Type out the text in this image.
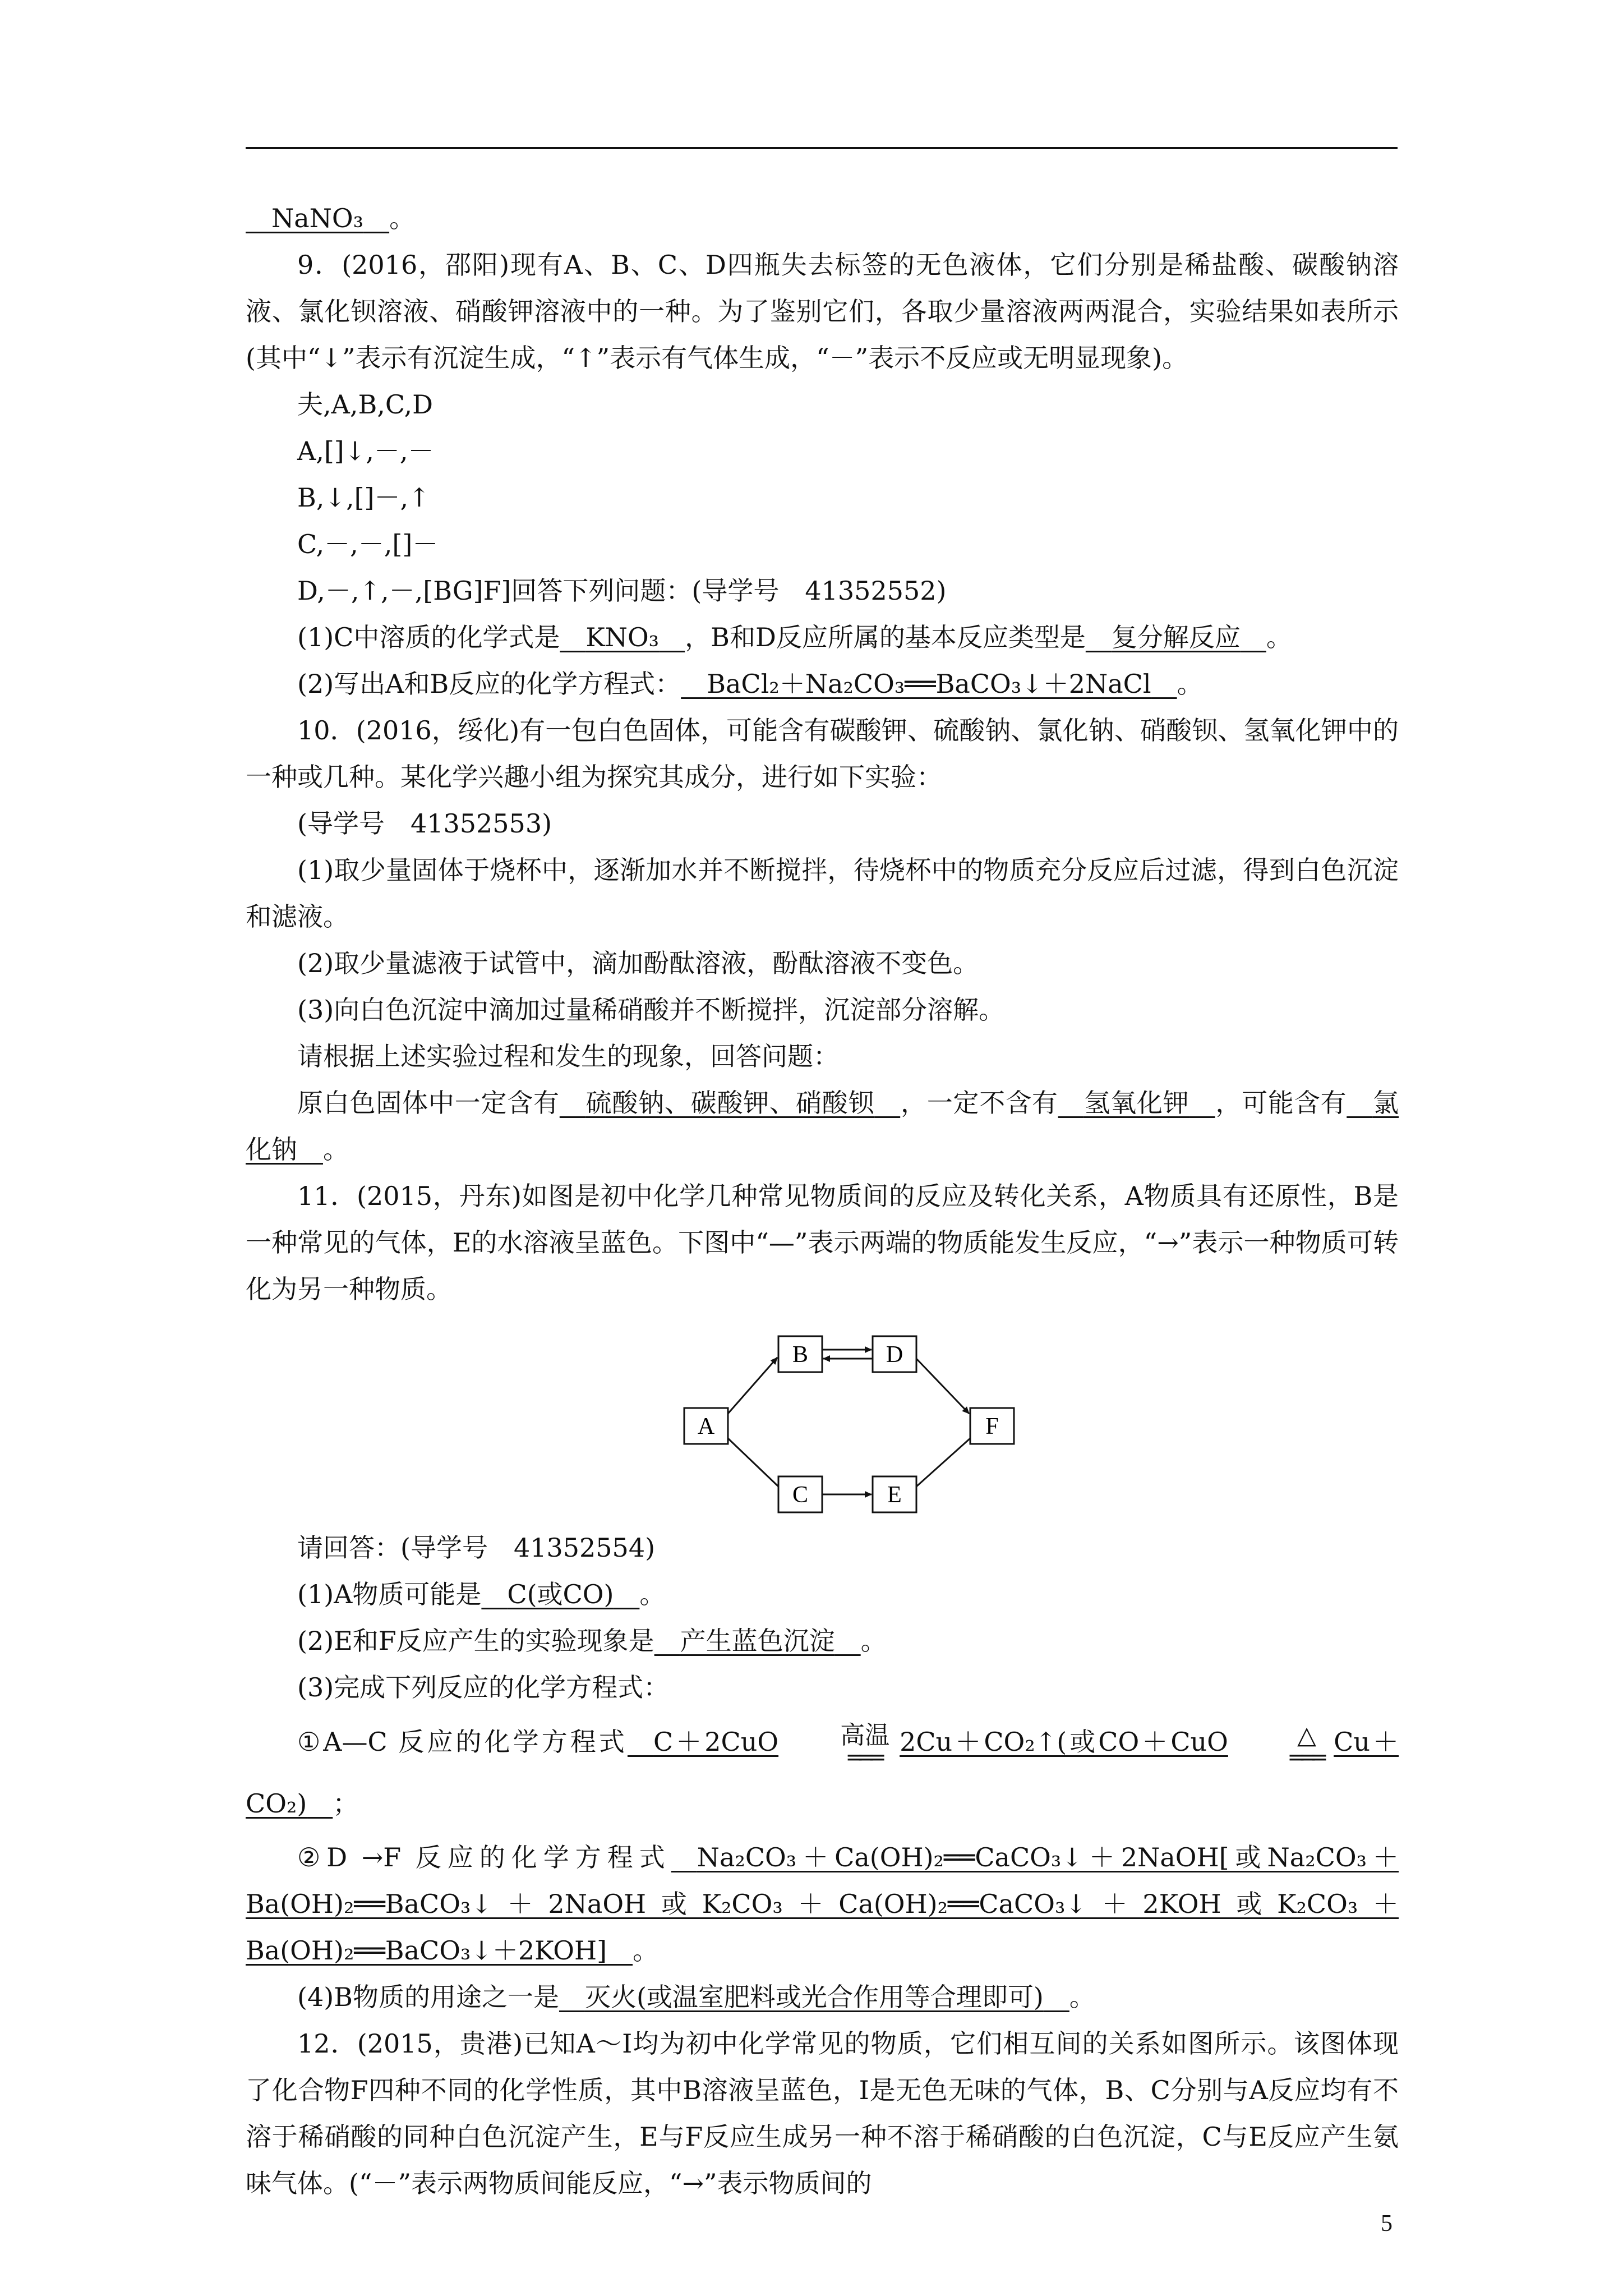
NaNO₃ 。

9．(2016，邵阳)现有A、B、C、D四瓶失去标签的无色液体，它们分别是稀盐酸、碳酸钠溶液、氯化钡溶液、硝酸钾溶液中的一种。为了鉴别它们，各取少量溶液两两混合，实验结果如表所示(其中“↓”表示有沉淀生成，“↑”表示有气体生成，“－”表示不反应或无明显现象)。

夫,A,B,C,D

A,[]↓,－,－

B,↓,[]－,↑

C,－,－,[]－

D,－,↑,－,[BG]F]回答下列问题：(导学号　41352552)

(1)C中溶质的化学式是 KNO₃ ，B和D反应所属的基本反应类型是 复分解反应 。

(2)写出A和B反应的化学方程式： BaCl₂＋Na₂CO₃══BaCO₃↓＋2NaCl 。

10．(2016，绥化)有一包白色固体，可能含有碳酸钾、硫酸钠、氯化钠、硝酸钡、氢氧化钾中的一种或几种。某化学兴趣小组为探究其成分，进行如下实验：

(导学号　41352553)

(1)取少量固体于烧杯中，逐渐加水并不断搅拌，待烧杯中的物质充分反应后过滤，得到白色沉淀和滤液。

(2)取少量滤液于试管中，滴加酚酞溶液，酚酞溶液不变色。

(3)向白色沉淀中滴加过量稀硝酸并不断搅拌，沉淀部分溶解。

请根据上述实验过程和发生的现象，回答问题：

原白色固体中一定含有 硫酸钠、碳酸钾、硝酸钡 ，一定不含有 氢氧化钾 ，可能含有 氯化钠 。

11．(2015，丹东)如图是初中化学几种常见物质间的反应及转化关系，A物质具有还原性，B是一种常见的气体，E的水溶液呈蓝色。下图中“—”表示两端的物质能发生反应，“→”表示一种物质可转化为另一种物质。

A
B
C
D
E
F

请回答：(导学号　41352554)

(1)A物质可能是 C(或CO) 。

(2)E和F反应产生的实验现象是 产生蓝色沉淀 。

(3)完成下列反应的化学方程式：

①A—C 反应的化学方程式 C＋2CuO	高温
═══
2Cu＋CO₂↑(或CO＋CuO	△
═══
Cu＋CO₂) ；

②D →F 反应的化学方程式 Na₂CO₃＋Ca(OH)₂══CaCO₃↓＋2NaOH[或Na₂CO₃＋Ba(OH)₂══BaCO₃↓＋2NaOH或K₂CO₃＋Ca(OH)₂══CaCO₃↓＋2KOH或K₂CO₃＋Ba(OH)₂══BaCO₃↓＋2KOH] 。

(4)B物质的用途之一是 灭火(或温室肥料或光合作用等合理即可) 。

12．(2015，贵港)已知A～I均为初中化学常见的物质，它们相互间的关系如图所示。该图体现了化合物F四种不同的化学性质，其中B溶液呈蓝色，I是无色无味的气体，B、C分别与A反应均有不溶于稀硝酸的同种白色沉淀产生，E与F反应生成另一种不溶于稀硝酸的白色沉淀，C与E反应产生氨味气体。(“－”表示两物质间能反应，“→”表示物质间的

5
